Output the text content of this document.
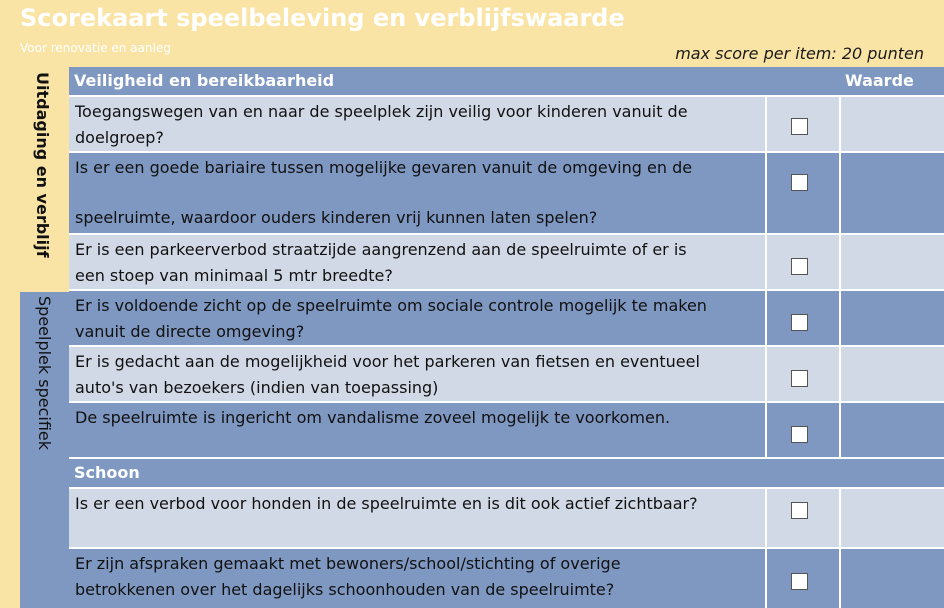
Scorekaart speelbeleving en verblijfswaarde
Voor renovatie en aanleg	max score per item: 20 punten
Uitdaging en verblijf
Speelplek specifiek
Veiligheid en bereikbaarheid	Waarde
Toegangswegen van en naar de speelplek zijn veilig voor kinderen vanuit de
doelgroep?
Is er een goede bariaire tussen mogelijke gevaren vanuit de omgeving en de
speelruimte, waardoor ouders kinderen vrij kunnen laten spelen?
Er is een parkeerverbod straatzijde aangrenzend aan de speelruimte of er is
een stoep van minimaal 5 mtr breedte?
Er is voldoende zicht op de speelruimte om sociale controle mogelijk te maken
vanuit de directe omgeving?
Er is gedacht aan de mogelijkheid voor het parkeren van fietsen en eventueel
auto's van bezoekers (indien van toepassing)
De speelruimte is ingericht om vandalisme zoveel mogelijk te voorkomen.
Schoon
Is er een verbod voor honden in de speelruimte en is dit ook actief zichtbaar?
Er zijn afspraken gemaakt met bewoners/school/stichting of overige
betrokkenen over het dagelijks schoonhouden van de speelruimte?
